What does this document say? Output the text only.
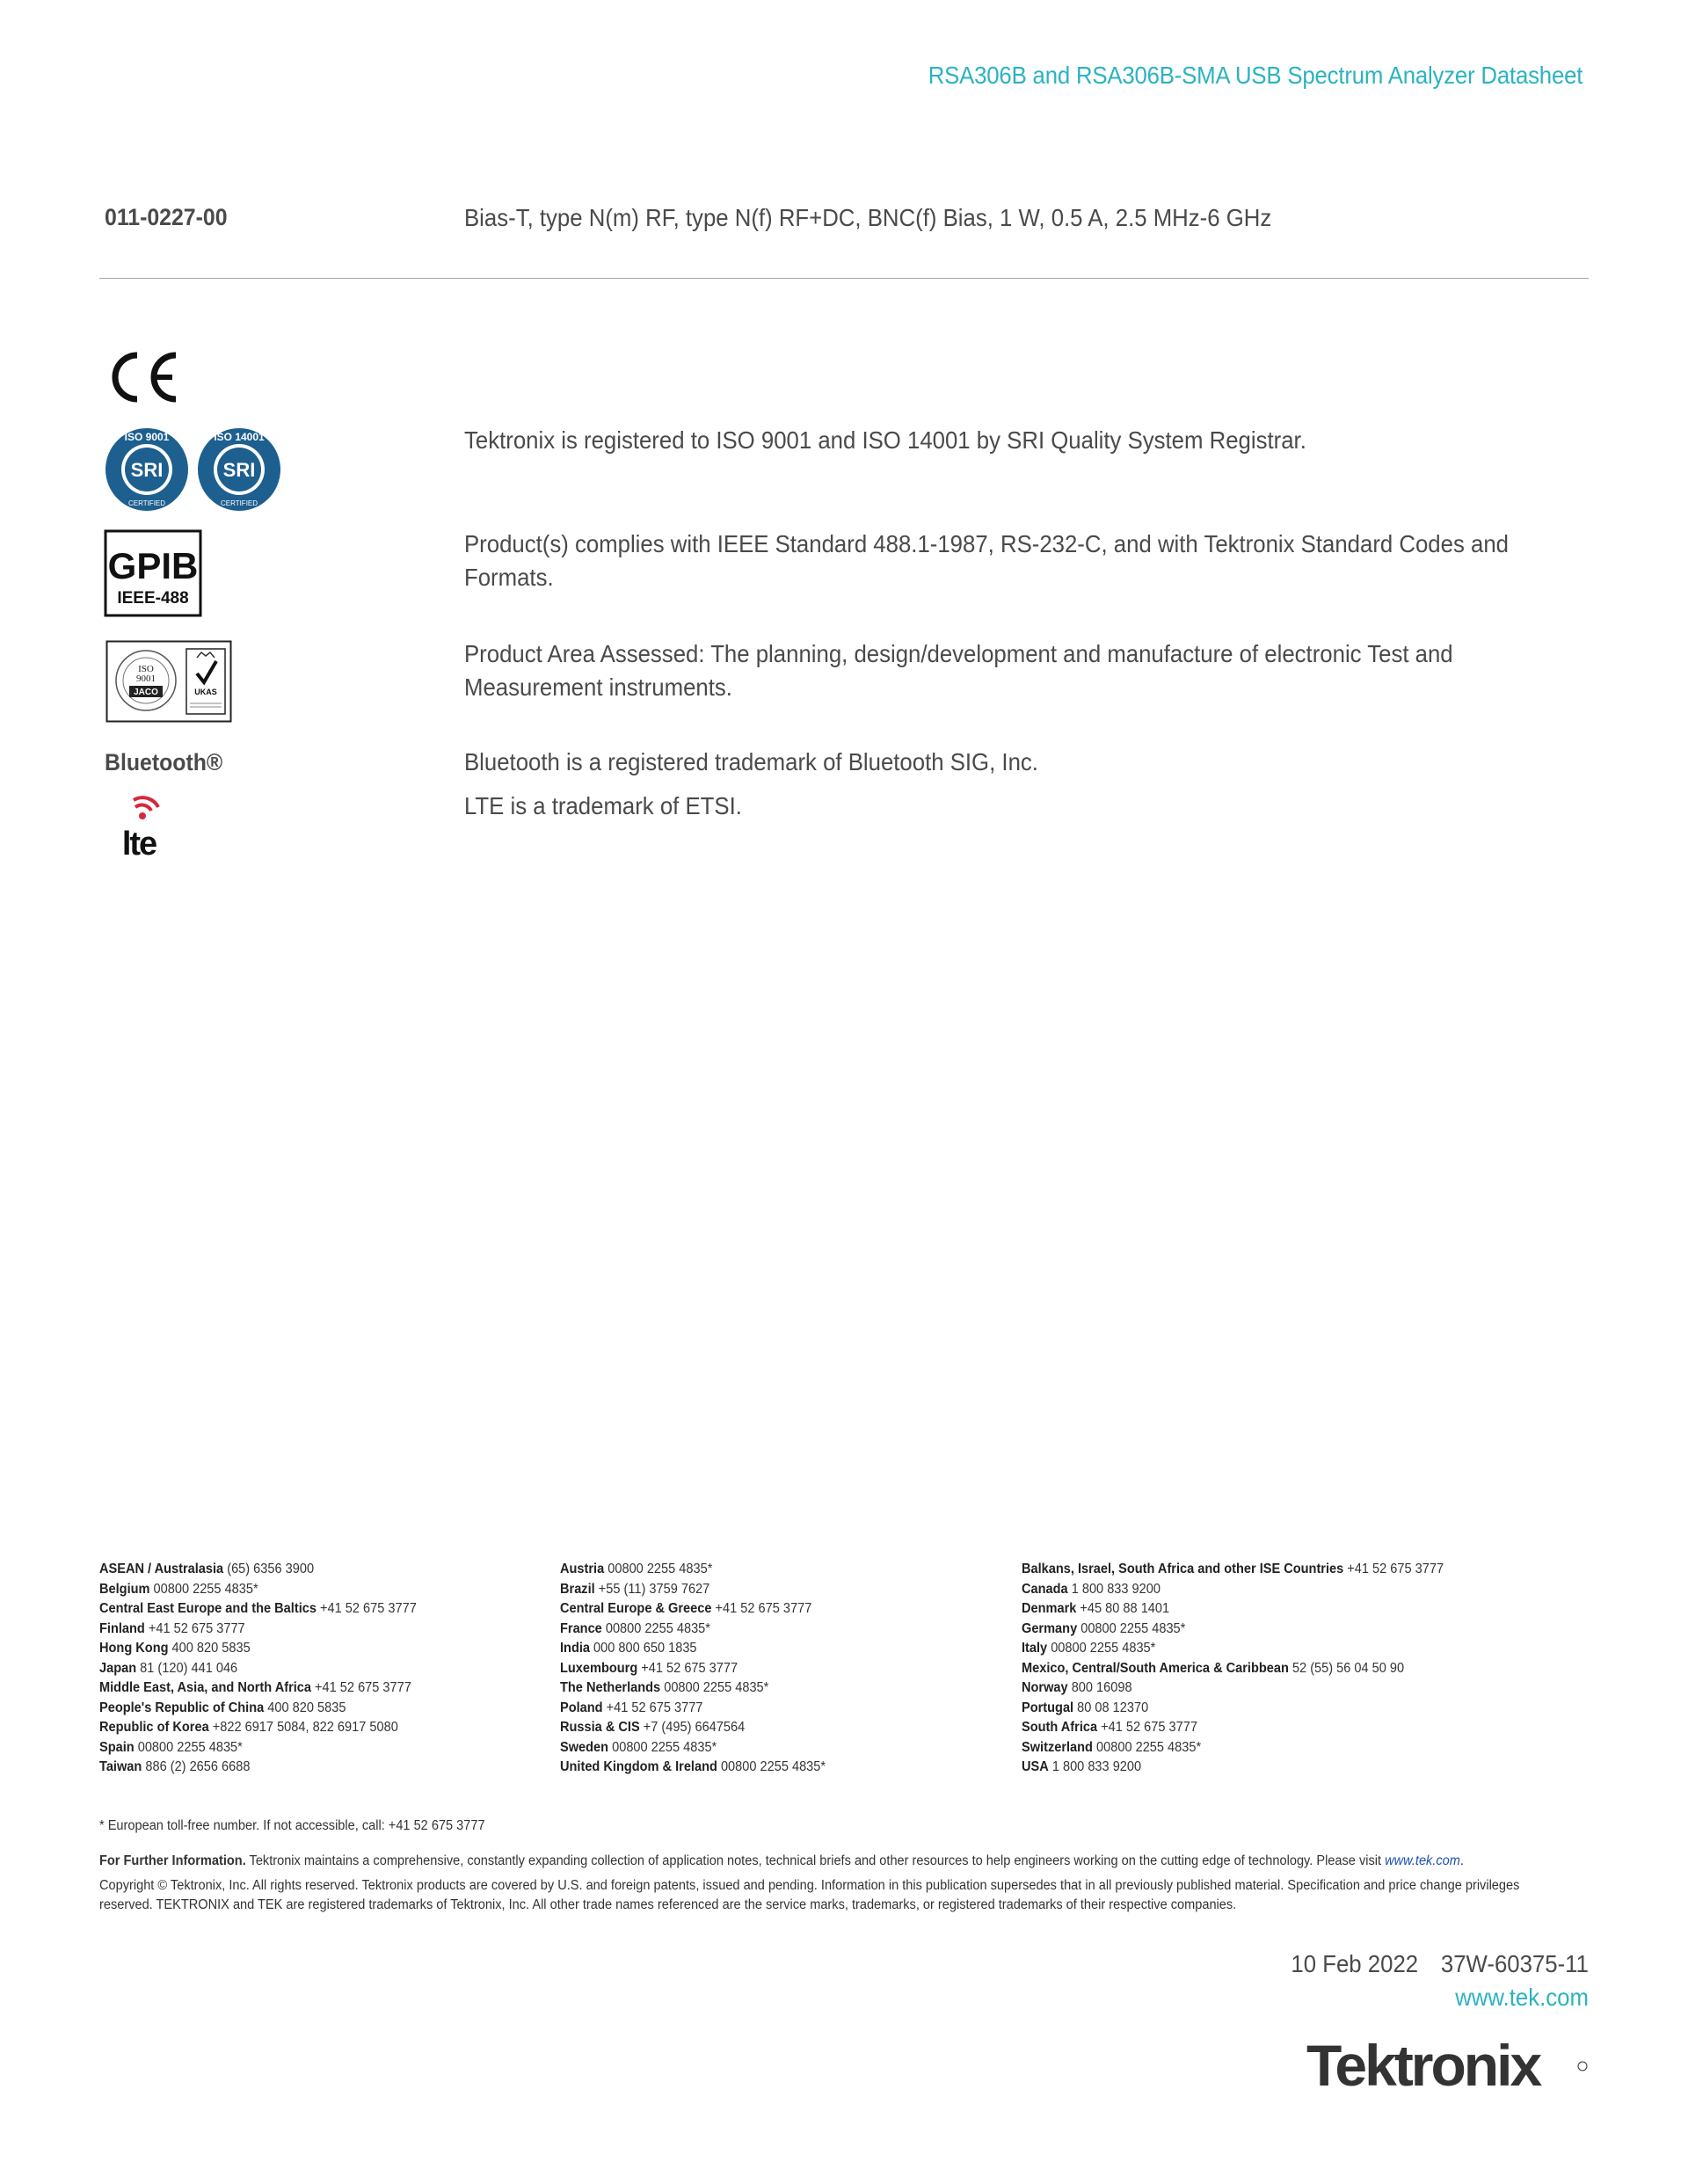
RSA306B and RSA306B-SMA USB Spectrum Analyzer Datasheet
011-0227-00	Bias-T, type N(m) RF, type N(f) RF+DC, BNC(f) Bias, 1 W, 0.5 A, 2.5 MHz-6 GHz
SRI
ISO 9001
CERTIFIED
SRI
ISO 14001
CERTIFIED
Tektronix is registered to ISO 9001 and ISO 14001 by SRI Quality System Registrar.
GPIB
IEEE-488
Product(s) complies with IEEE Standard 488.1-1987, RS-232-C, and with Tektronix Standard Codes and Formats.
ISO
9001
JACO	UKAS
Product Area Assessed: The planning, design/development and manufacture of electronic Test and Measurement instruments.
Bluetooth®	Bluetooth is a registered trademark of Bluetooth SIG, Inc.
lte
LTE is a trademark of ETSI.
ASEAN / Australasia (65) 6356 3900
Belgium 00800 2255 4835*
Central East Europe and the Baltics +41 52 675 3777
Finland +41 52 675 3777
Hong Kong 400 820 5835
Japan 81 (120) 441 046
Middle East, Asia, and North Africa +41 52 675 3777
People's Republic of China 400 820 5835
Republic of Korea +822 6917 5084, 822 6917 5080
Spain 00800 2255 4835*
Taiwan 886 (2) 2656 6688
Austria 00800 2255 4835*
Brazil +55 (11) 3759 7627
Central Europe & Greece +41 52 675 3777
France 00800 2255 4835*
India 000 800 650 1835
Luxembourg +41 52 675 3777
The Netherlands 00800 2255 4835*
Poland +41 52 675 3777
Russia & CIS +7 (495) 6647564
Sweden 00800 2255 4835*
United Kingdom & Ireland 00800 2255 4835*
Balkans, Israel, South Africa and other ISE Countries +41 52 675 3777
Canada 1 800 833 9200
Denmark +45 80 88 1401
Germany 00800 2255 4835*
Italy 00800 2255 4835*
Mexico, Central/South America & Caribbean 52 (55) 56 04 50 90
Norway 800 16098
Portugal 80 08 12370
South Africa +41 52 675 3777
Switzerland 00800 2255 4835*
USA 1 800 833 9200
* European toll-free number. If not accessible, call: +41 52 675 3777
For Further Information. Tektronix maintains a comprehensive, constantly expanding collection of application notes, technical briefs and other resources to help engineers working on the cutting edge of technology. Please visit www.tek.com.
Copyright © Tektronix, Inc. All rights reserved. Tektronix products are covered by U.S. and foreign patents, issued and pending. Information in this publication supersedes that in all previously published material. Specification and price change privileges reserved. TEKTRONIX and TEK are registered trademarks of Tektronix, Inc. All other trade names referenced are the service marks, trademarks, or registered trademarks of their respective companies.
10 Feb 2022 37W-60375-11
www.tek.com
Tektronix
